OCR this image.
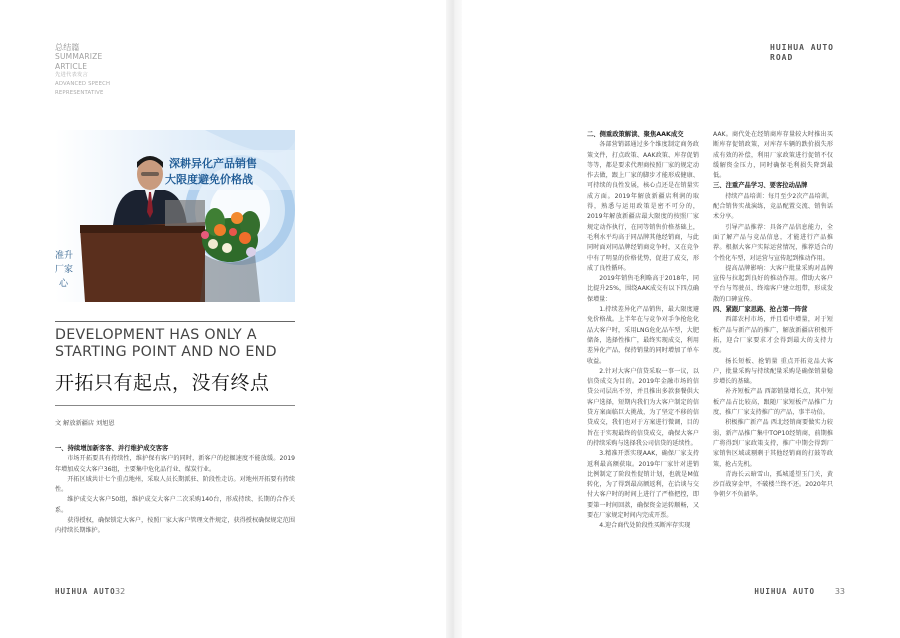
总结篇
SUMMARIZE
ARTICLE
先进代表发言
ADVANCED SPEECH
REPRESENTATIVE
HUIHUA AUTO
ROAD
深耕异化产品销售
大限度避免价格战
准升
厂家
心
DEVELOPMENT HAS ONLY A STARTING POINT AND NO END
开拓只有起点，没有终点
文 解放新疆店 刘旭恩
一、持续增加新客客、并行维护成交客客

市场开拓要具有持续性，维护保有客户的同时，新客户的挖掘速度不能放缓。2019年增加成交大客户36组，主要集中危化品行业、煤炭行业。

开拓区域共计七个重点地州，采取人员长期派驻、阶段性走访。对地州开拓要有持续性。

维护成交大客户50组，维护成交大客户二次采购140台，形成持续、长期的合作关系。

获得授权，确保锁定大客户，按照厂家大客户管理文件规定，获得授权确保规定范围内持续长期维护。

二、侧重政策解读、聚焦AAK成交

各部营销部通过多个维度制定商务政策文件，打点政策、AAK政策、库存促销等等，都是要求代理商按照厂家的规定动作去做，跟上厂家的脚步才能形成健康、可持续的良性发展，核心点还是在销量实成方面。2019年解放新疆店利润的取得，熟悉与运用政策是密不可分的，2019年解放新疆店最大限度的按照厂家规定动作执行，在同等销售价格基础上，毛利水平均高于同品牌其他经销商，与此同时面对同品牌经销商竞争时，又在竞争中有了明显的价格优势，促进了成交，形成了良性循环。

2019年销售毛利略高于2018年，同比提升25%，围绕AAK成交有以下四点确保增量：

1.持续差异化产品销售，最大限度避免价格战。上半年在与竞争对手争抢危化品大客户时，采用LNG危化品车型，大肥储备，选择性推广，最终实现成交，利用差异化产品，保持销量的同时增加了单车收益。

2.针对大客户信贷采取一事一议，以信贷成交为目的。2019年金融市场的信贷公司层出不穷，并且推出多款套餐供大客户选择，短期内我们为大客户制定的信贷方案面临巨大挑战，为了坚定不移的信贷成交，我们也对于方案进行微调，目的旨在于实现最终的信贷成交，确保大客户的持续采购与选择我公司信贷的延续性。

3.精准开票实现AAK，确保厂家支持返利最高额获取。2019年厂家针对进销比例制定了阶段性促销计划，也就是M值转化，为了得到最高额返利，在洽谈与交付大客户时的时间上进行了严格把控，即要第一时间回款，确保资金运转顺畅，又要在厂家规定时间内完成开票。

4.迎合商代处阶段性买断库存实现

AAK。商代处在经销商库存量较大时推出买断库存促销政策，对库存车辆的跌价损失形成有效的补偿，利用厂家政策进行促销不仅缓解资金压力，同时确保毛利损失降到最低。

三、注重产品学习、要客拉动品牌

持续产品培训：每月至少2次产品培训，配合销售实战演练，竞品配置交流、销售话术分享。

引导产品推荐：具备产品信息能力，全面了解产品与竞品信息，才能进行产品推荐。根据大客户实际运营情况，推荐适合的个性化车型，对运营与宣传起到推动作用。

提高品牌影响：大客户批量采购对品牌宣传与拉起到良好的推动作用。借助大客户平台与驾驶员、终端客户建立纽带，形成发散的口碑宣传。

四、紧跟厂家思路、抢占第一阵营

西部农村市场，并且看中增量，对于短板产品与新产品的推广，解放新疆店积极开拓，迎合厂家要求才会得到最大的支持力度。

扬长短板、抢销量 重点开拓竞品大客户，批量采购与持续配量采购是确保销量稳步增长的基础。

补齐短板产品 西部销量增长点，其中短板产品占比较高，跟随厂家短板产品推广力度，推广厂家支持推广的产品，事半功倍。

积极推广新产品 西北经销商要做实力较弱，新产品推广集中TOP10经销商，前期推广将得到厂家政策支持，推广中期会得到厂家销售区域或剔剩于其他经销商的打鼓等政策，抢占先机。

青海长云暗雪山，孤城遥望玉门关，黄沙百战穿金甲，不破楼兰终不还。2020年只争朝夕不负韶华。

HUIHUA AUTO 32	HUIHUA AUTO 33
